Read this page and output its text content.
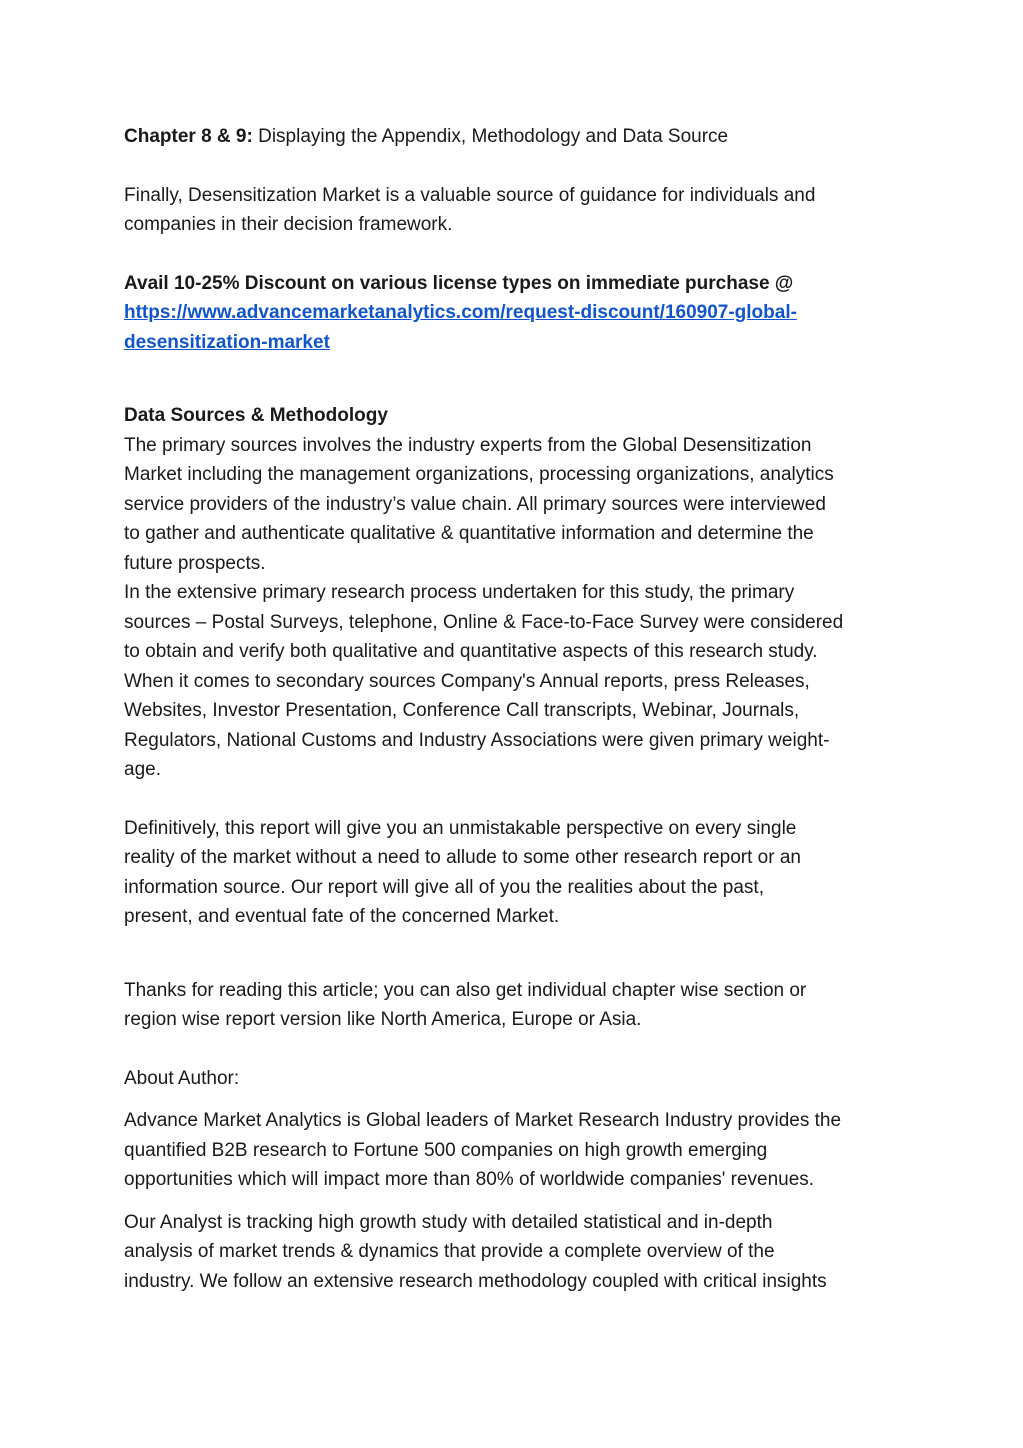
Chapter 8 & 9: Displaying the Appendix, Methodology and Data Source

Finally, Desensitization Market is a valuable source of guidance for individuals and
companies in their decision framework.

Avail 10-25% Discount on various license types on immediate purchase @

https://www.advancemarketanalytics.com/request-discount/160907-global-
desensitization-market

Data Sources & Methodology

The primary sources involves the industry experts from the Global Desensitization
Market including the management organizations, processing organizations, analytics
service providers of the industry’s value chain. All primary sources were interviewed
to gather and authenticate qualitative & quantitative information and determine the
future prospects.
In the extensive primary research process undertaken for this study, the primary
sources – Postal Surveys, telephone, Online & Face-to-Face Survey were considered
to obtain and verify both qualitative and quantitative aspects of this research study.
When it comes to secondary sources Company's Annual reports, press Releases,
Websites, Investor Presentation, Conference Call transcripts, Webinar, Journals,
Regulators, National Customs and Industry Associations were given primary weight-
age.

Definitively, this report will give you an unmistakable perspective on every single
reality of the market without a need to allude to some other research report or an
information source. Our report will give all of you the realities about the past,
present, and eventual fate of the concerned Market.

Thanks for reading this article; you can also get individual chapter wise section or
region wise report version like North America, Europe or Asia.

About Author:

Advance Market Analytics is Global leaders of Market Research Industry provides the
quantified B2B research to Fortune 500 companies on high growth emerging
opportunities which will impact more than 80% of worldwide companies' revenues.

Our Analyst is tracking high growth study with detailed statistical and in-depth
analysis of market trends & dynamics that provide a complete overview of the
industry. We follow an extensive research methodology coupled with critical insights
